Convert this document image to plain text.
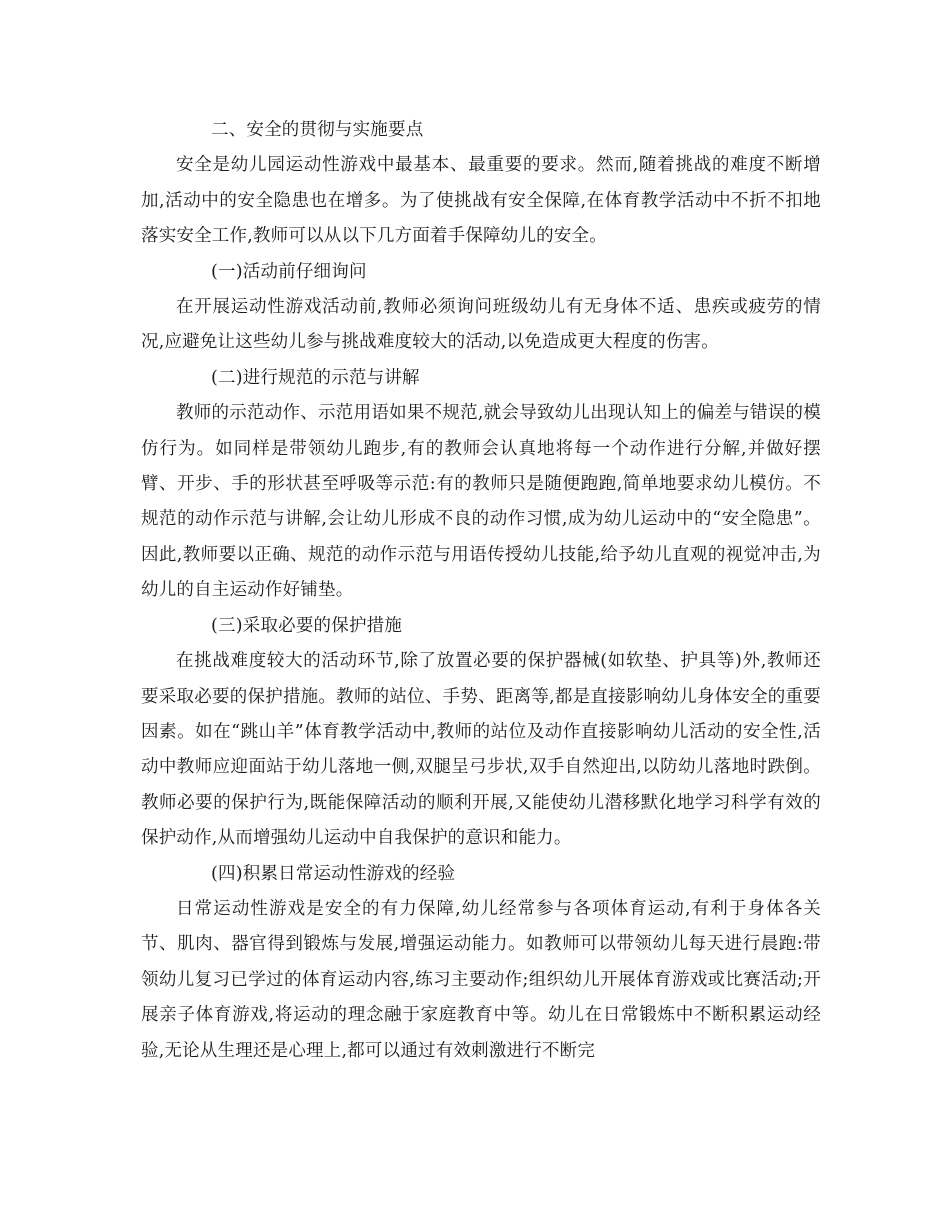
二、安全的贯彻与实施要点

安全是幼儿园运动性游戏中最基本、最重要的要求。然而,随着挑战的难度不断增加,活动中的安全隐患也在增多。为了使挑战有安全保障,在体育教学活动中不折不扣地落实安全工作,教师可以从以下几方面着手保障幼儿的安全。

(一)活动前仔细询问

在开展运动性游戏活动前,教师必须询问班级幼儿有无身体不适、患疾或疲劳的情况,应避免让这些幼儿参与挑战难度较大的活动,以免造成更大程度的伤害。

(二)进行规范的示范与讲解

教师的示范动作、示范用语如果不规范,就会导致幼儿出现认知上的偏差与错误的模仿行为。如同样是带领幼儿跑步,有的教师会认真地将每一个动作进行分解,并做好摆臂、开步、手的形状甚至呼吸等示范:有的教师只是随便跑跑,简单地要求幼儿模仿。不规范的动作示范与讲解,会让幼儿形成不良的动作习惯,成为幼儿运动中的“安全隐患”。因此,教师要以正确、规范的动作示范与用语传授幼儿技能,给予幼儿直观的视觉冲击,为幼儿的自主运动作好铺垫。

(三)采取必要的保护措施

在挑战难度较大的活动环节,除了放置必要的保护器械(如软垫、护具等)外,教师还要采取必要的保护措施。教师的站位、手势、距离等,都是直接影响幼儿身体安全的重要因素。如在“跳山羊”体育教学活动中,教师的站位及动作直接影响幼儿活动的安全性,活动中教师应迎面站于幼儿落地一侧,双腿呈弓步状,双手自然迎出,以防幼儿落地时跌倒。教师必要的保护行为,既能保障活动的顺利开展,又能使幼儿潜移默化地学习科学有效的保护动作,从而增强幼儿运动中自我保护的意识和能力。

(四)积累日常运动性游戏的经验

日常运动性游戏是安全的有力保障,幼儿经常参与各项体育运动,有利于身体各关节、肌肉、器官得到锻炼与发展,增强运动能力。如教师可以带领幼儿每天进行晨跑:带领幼儿复习已学过的体育运动内容,练习主要动作;组织幼儿开展体育游戏或比赛活动;开展亲子体育游戏,将运动的理念融于家庭教育中等。幼儿在日常锻炼中不断积累运动经验,无论从生理还是心理上,都可以通过有效刺激进行不断完
